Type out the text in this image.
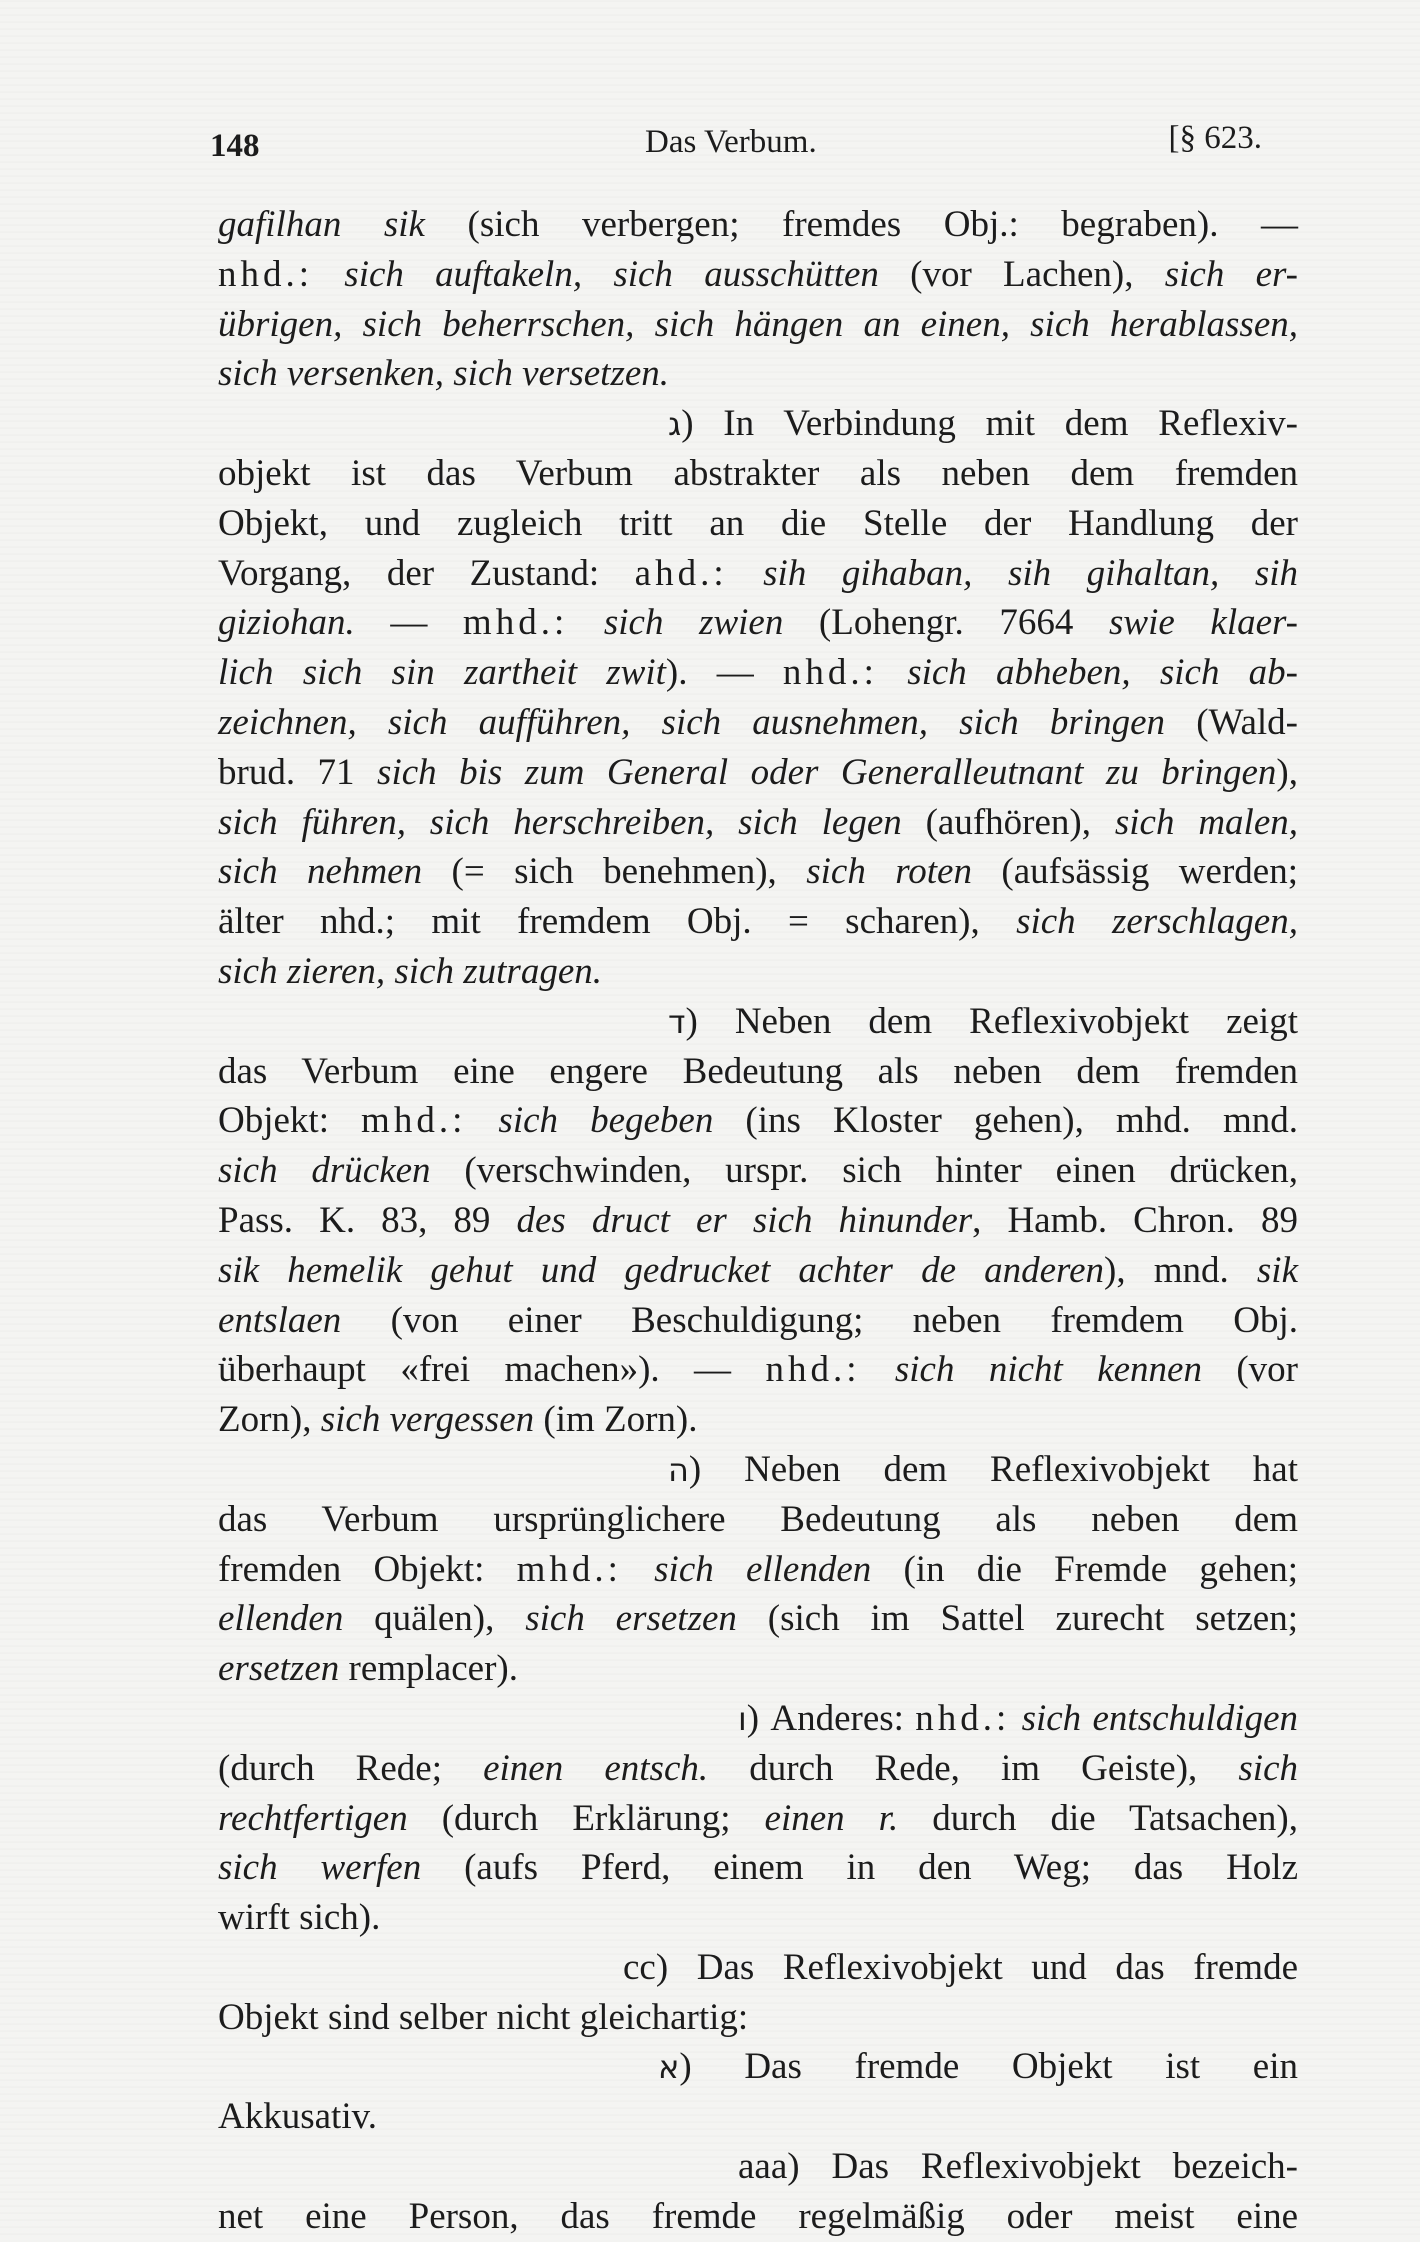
148	Das Verbum.	[§ 623.
gafilhan sik (sich verbergen; fremdes Obj.: begraben). —
nhd.: sich auftakeln, sich ausschütten (vor Lachen), sich er-
übrigen, sich beherrschen, sich hängen an einen, sich herablassen,
sich versenken, sich versetzen.
ג) In Verbindung mit dem Reflexiv-
objekt ist das Verbum abstrakter als neben dem fremden
Objekt, und zugleich tritt an die Stelle der Handlung der
Vorgang, der Zustand: ahd.: sih gihaban, sih gihaltan, sih
giziohan. — mhd.: sich zwien (Lohengr. 7664 swie klaer-
lich sich sin zartheit zwit). — nhd.: sich abheben, sich ab-
zeichnen, sich aufführen, sich ausnehmen, sich bringen (Wald-
brud. 71 sich bis zum General oder Generalleutnant zu bringen),
sich führen, sich herschreiben, sich legen (aufhören), sich malen,
sich nehmen (= sich benehmen), sich roten (aufsässig werden;
älter nhd.; mit fremdem Obj. = scharen), sich zerschlagen,
sich zieren, sich zutragen.
ד) Neben dem Reflexivobjekt zeigt
das Verbum eine engere Bedeutung als neben dem fremden
Objekt: mhd.: sich begeben (ins Kloster gehen), mhd. mnd.
sich drücken (verschwinden, urspr. sich hinter einen drücken,
Pass. K. 83, 89 des druct er sich hinunder, Hamb. Chron. 89
sik hemelik gehut und gedrucket achter de anderen), mnd. sik
entslaen (von einer Beschuldigung; neben fremdem Obj.
überhaupt «frei machen»). — nhd.: sich nicht kennen (vor
Zorn), sich vergessen (im Zorn).
ה) Neben dem Reflexivobjekt hat
das Verbum ursprünglichere Bedeutung als neben dem
fremden Objekt: mhd.: sich ellenden (in die Fremde gehen;
ellenden quälen), sich ersetzen (sich im Sattel zurecht setzen;
ersetzen remplacer).
ו) Anderes: nhd.: sich entschuldigen
(durch Rede; einen entsch. durch Rede, im Geiste), sich
rechtfertigen (durch Erklärung; einen r. durch die Tatsachen),
sich werfen (aufs Pferd, einem in den Weg; das Holz
wirft sich).
cc) Das Reflexivobjekt und das fremde
Objekt sind selber nicht gleichartig:
א) Das fremde Objekt ist ein
Akkusativ.
aaa) Das Reflexivobjekt bezeich-
net eine Person, das fremde regelmäßig oder meist eine
